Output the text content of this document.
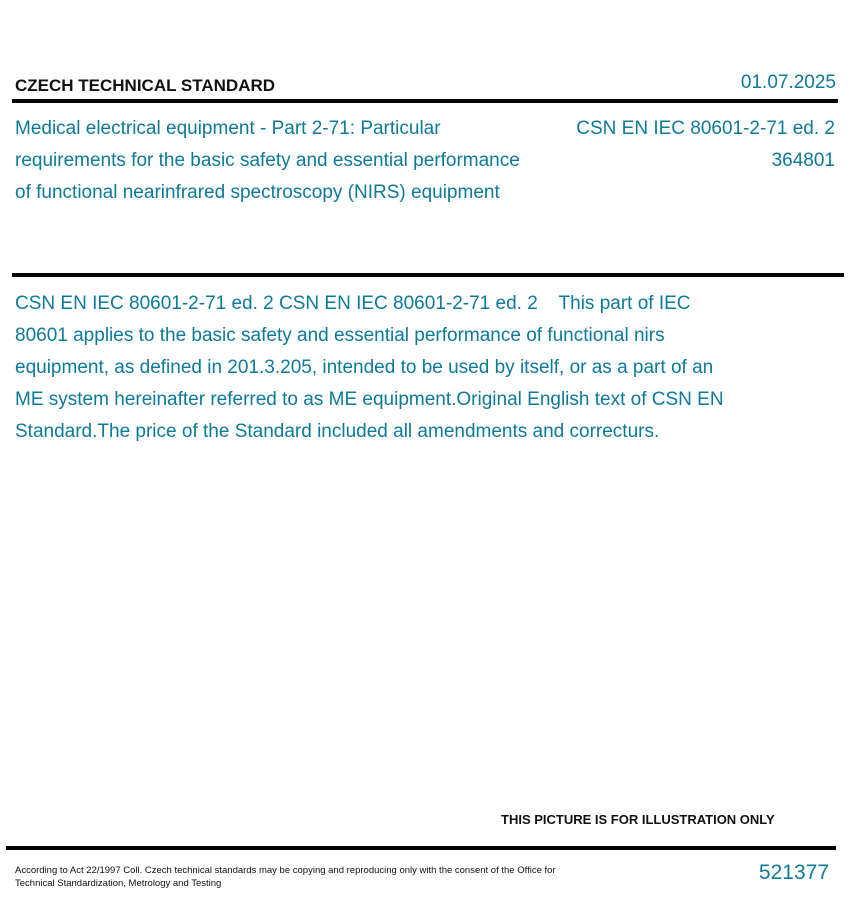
CZECH TECHNICAL STANDARD	01.07.2025
Medical electrical equipment - Part 2-71: Particular requirements for the basic safety and essential performance of functional nearinfrared spectroscopy (NIRS) equipment
CSN EN IEC 80601-2-71 ed. 2
364801
CSN EN IEC 80601-2-71 ed. 2 CSN EN IEC 80601-2-71 ed. 2    This part of IEC 80601 applies to the basic safety and essential performance of functional nirs equipment, as defined in 201.3.205, intended to be used by itself, or as a part of an ME system hereinafter referred to as ME equipment.Original English text of CSN EN Standard.The price of the Standard included all amendments and correcturs.
THIS PICTURE IS FOR ILLUSTRATION ONLY
According to Act 22/1997 Coll. Czech technical standards may be copying and reproducing only with the consent of the Office for Technical Standardization, Metrology and Testing	521377
